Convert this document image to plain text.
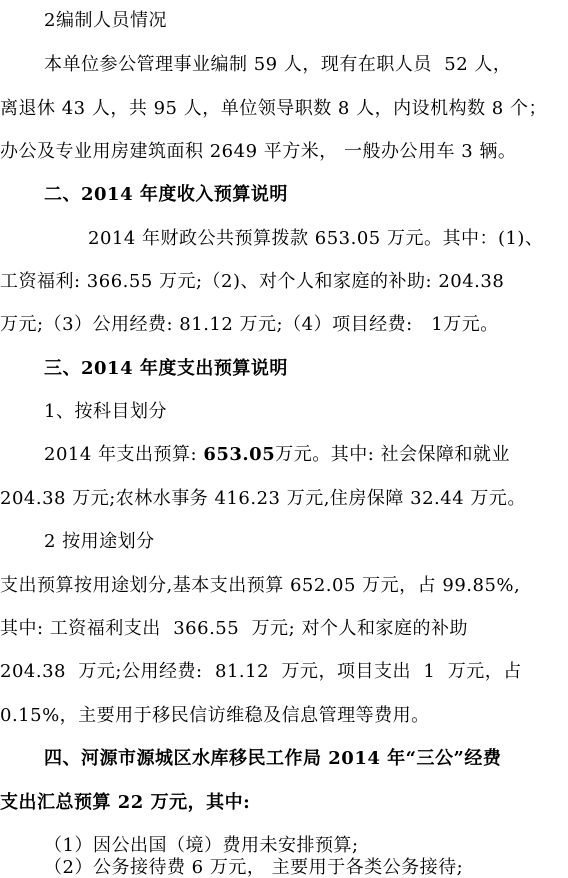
2编制人员情况
本单位参公管理事业编制 59 人，现有在职人员  52 人，
离退休 43 人，共 95 人，单位领导职数 8 人，内设机构数 8 个；
办公及专业用房建筑面积 2649 平方米， 一般办公用车 3 辆。
二、2014 年度收入预算说明
2014 年财政公共预算拨款 653.05 万元。其中：(1)、
工资福利: 366.55 万元;（2)、对个人和家庭的补助: 204.38
万元;（3）公用经费: 81.12 万元;（4）项目经费:   1万元。
三、2014 年度支出预算说明
1、按科目划分
2014 年支出预算: 653.05万元。其中: 社会保障和就业
204.38 万元;农林水事务 416.23 万元,住房保障 32.44 万元。
2 按用途划分
支出预算按用途划分,基本支出预算 652.05 万元，占 99.85%,
其中: 工资福利支出  366.55  万元; 对个人和家庭的补助
204.38  万元;公用经费:  81.12  万元，项目支出  1  万元，占
0.15%，主要用于移民信访维稳及信息管理等费用。
四、河源市源城区水库移民工作局 2014 年“三公”经费
支出汇总预算 22 万元，其中:
（1）因公出国（境）费用未安排预算;
（2）公务接待费 6 万元， 主要用于各类公务接待;
